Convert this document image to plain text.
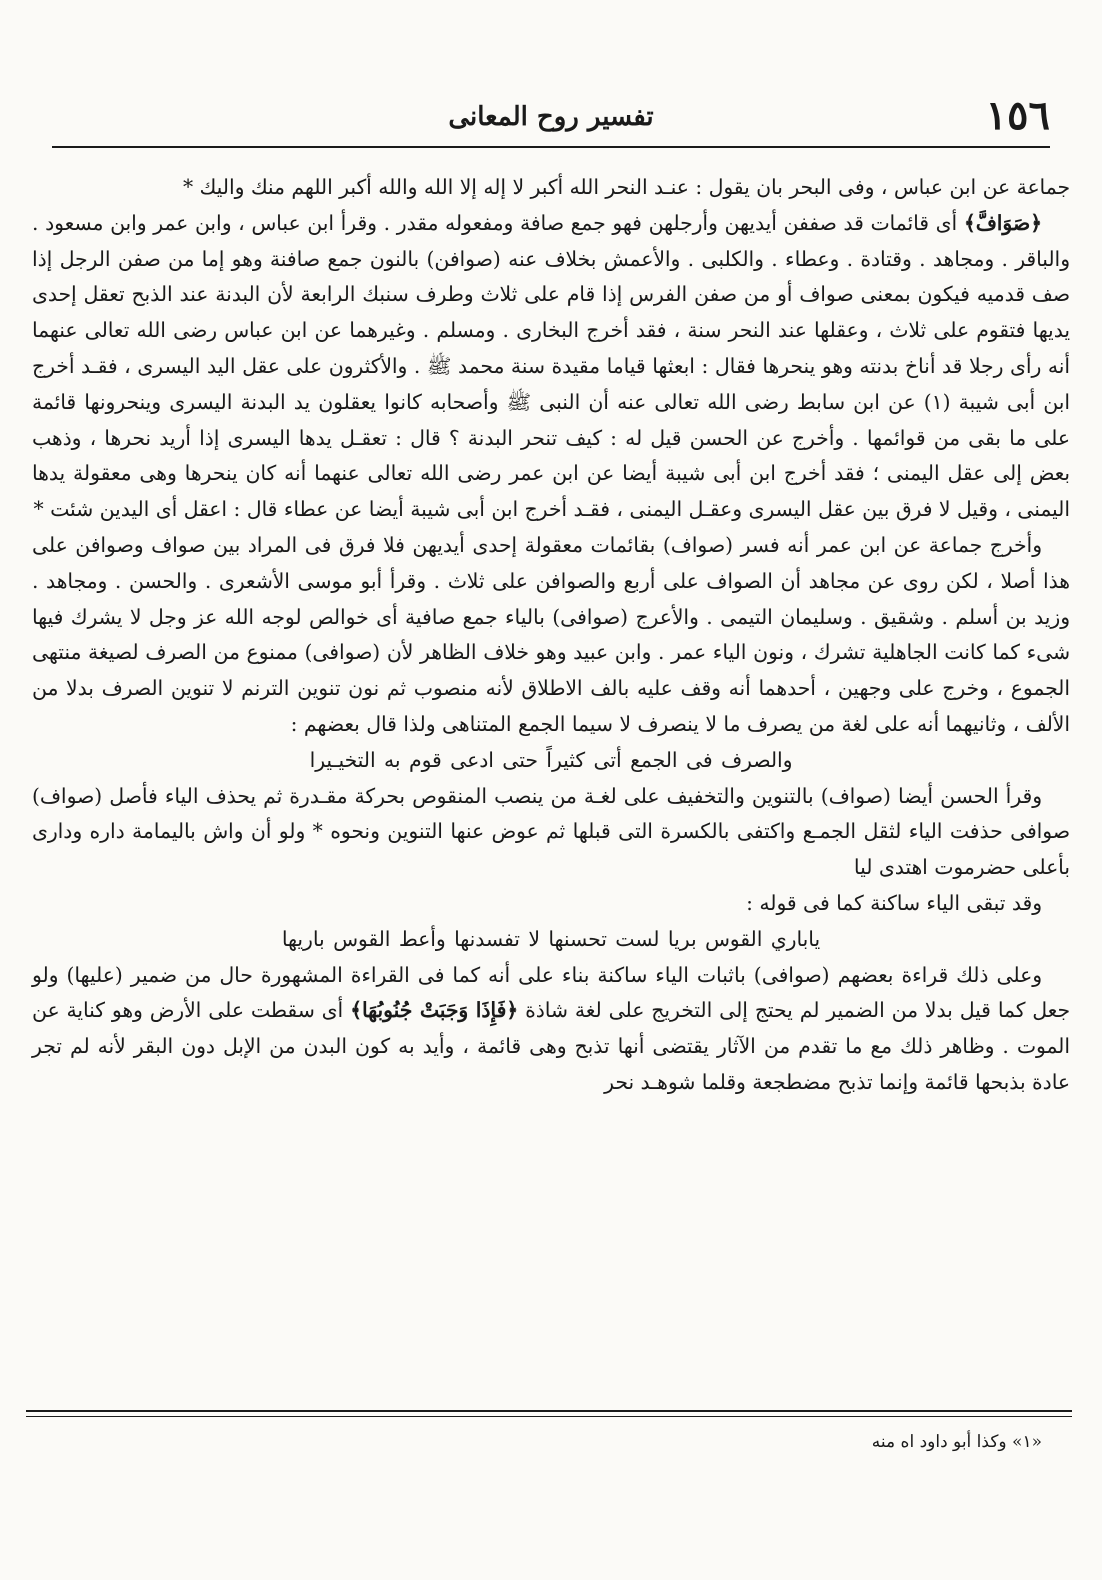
١٥٦
تفسير روح المعانى

جماعة عن ابن عباس ، وفى البحر بان يقول : عنـد النحر الله أكبر لا إله إلا الله والله أكبر اللهم منك واليك *

﴿صَوَافَّ﴾ أى قائمات قد صففن أيديهن وأرجلهن فهو جمع صافة ومفعوله مقدر . وقرأ ابن عباس ، وابن عمر وابن مسعود . والباقر . ومجاهد . وقتادة . وعطاء . والكلبى . والأعمش بخلاف عنه (صوافن) بالنون جمع صافنة وهو إما من صفن الرجل إذا صف قدميه فيكون بمعنى صواف أو من صفن الفرس إذا قام على ثلاث وطرف سنبك الرابعة لأن البدنة عند الذبح تعقل إحدى يديها فتقوم على ثلاث ، وعقلها عند النحر سنة ، فقد أخرج البخارى . ومسلم . وغيرهما عن ابن عباس رضى الله تعالى عنهما أنه رأى رجلا قد أناخ بدنته وهو ينحرها فقال : ابعثها قياما مقيدة سنة محمد ﷺ . والأكثرون على عقل اليد اليسرى ، فقـد أخرج ابن أبى شيبة (١) عن ابن سابط رضى الله تعالى عنه أن النبى ﷺ وأصحابه كانوا يعقلون يد البدنة اليسرى وينحرونها قائمة على ما بقى من قوائمها . وأخرج عن الحسن قيل له : كيف تنحر البدنة ؟ قال : تعقـل يدها اليسرى إذا أريد نحرها ، وذهب بعض إلى عقل اليمنى ؛ فقد أخرج ابن أبى شيبة أيضا عن ابن عمر رضى الله تعالى عنهما أنه كان ينحرها وهى معقولة يدها اليمنى ، وقيل لا فرق بين عقل اليسرى وعقـل اليمنى ، فقـد أخرج ابن أبى شيبة أيضا عن عطاء قال : اعقل أى اليدين شئت *

وأخرج جماعة عن ابن عمر أنه فسر (صواف) بقائمات معقولة إحدى أيديهن فلا فرق فى المراد بين صواف وصوافن على هذا أصلا ، لكن روى عن مجاهد أن الصواف على أربع والصوافن على ثلاث . وقرأ أبو موسى الأشعرى . والحسن . ومجاهد . وزيد بن أسلم . وشقيق . وسليمان التيمى . والأعرج (صوافى) بالياء جمع صافية أى خوالص لوجه الله عز وجل لا يشرك فيها شىء كما كانت الجاهلية تشرك ، ونون الياء عمر . وابن عبيد وهو خلاف الظاهر لأن (صوافى) ممنوع من الصرف لصيغة منتهى الجموع ، وخرج على وجهين ، أحدهما أنه وقف عليه بالف الاطلاق لأنه منصوب ثم نون تنوين الترنم لا تنوين الصرف بدلا من الألف ، وثانيهما أنه على لغة من يصرف ما لا ينصرف لا سيما الجمع المتناهى ولذا قال بعضهم :

والصرف فى الجمع أتى كثيراً حتى ادعى قوم به التخيـيرا

وقرأ الحسن أيضا (صواف) بالتنوين والتخفيف على لغـة من ينصب المنقوص بحركة مقـدرة ثم يحذف الياء فأصل (صواف) صوافى حذفت الياء لثقل الجمـع واكتفى بالكسرة التى قبلها ثم عوض عنها التنوين ونحوه * ولو أن واش باليمامة داره ودارى بأعلى حضرموت اهتدى ليا

وقد تبقى الياء ساكنة كما فى قوله :

ياباري القوس بريا لست تحسنها لا تفسدنها وأعط القوس باريها

وعلى ذلك قراءة بعضهم (صوافى) باثبات الياء ساكنة بناء على أنه كما فى القراءة المشهورة حال من ضمير (عليها) ولو جعل كما قيل بدلا من الضمير لم يحتج إلى التخريج على لغة شاذة ﴿فَإِذَا وَجَبَتْ جُنُوبُهَا﴾ أى سقطت على الأرض وهو كناية عن الموت . وظاهر ذلك مع ما تقدم من الآثار يقتضى أنها تذبح وهى قائمة ، وأيد به كون البدن من الإبل دون البقر لأنه لم تجر عادة بذبحها قائمة وإنما تذبح مضطجعة وقلما شوهـد نحر

«١» وكذا أبو داود اه منه
